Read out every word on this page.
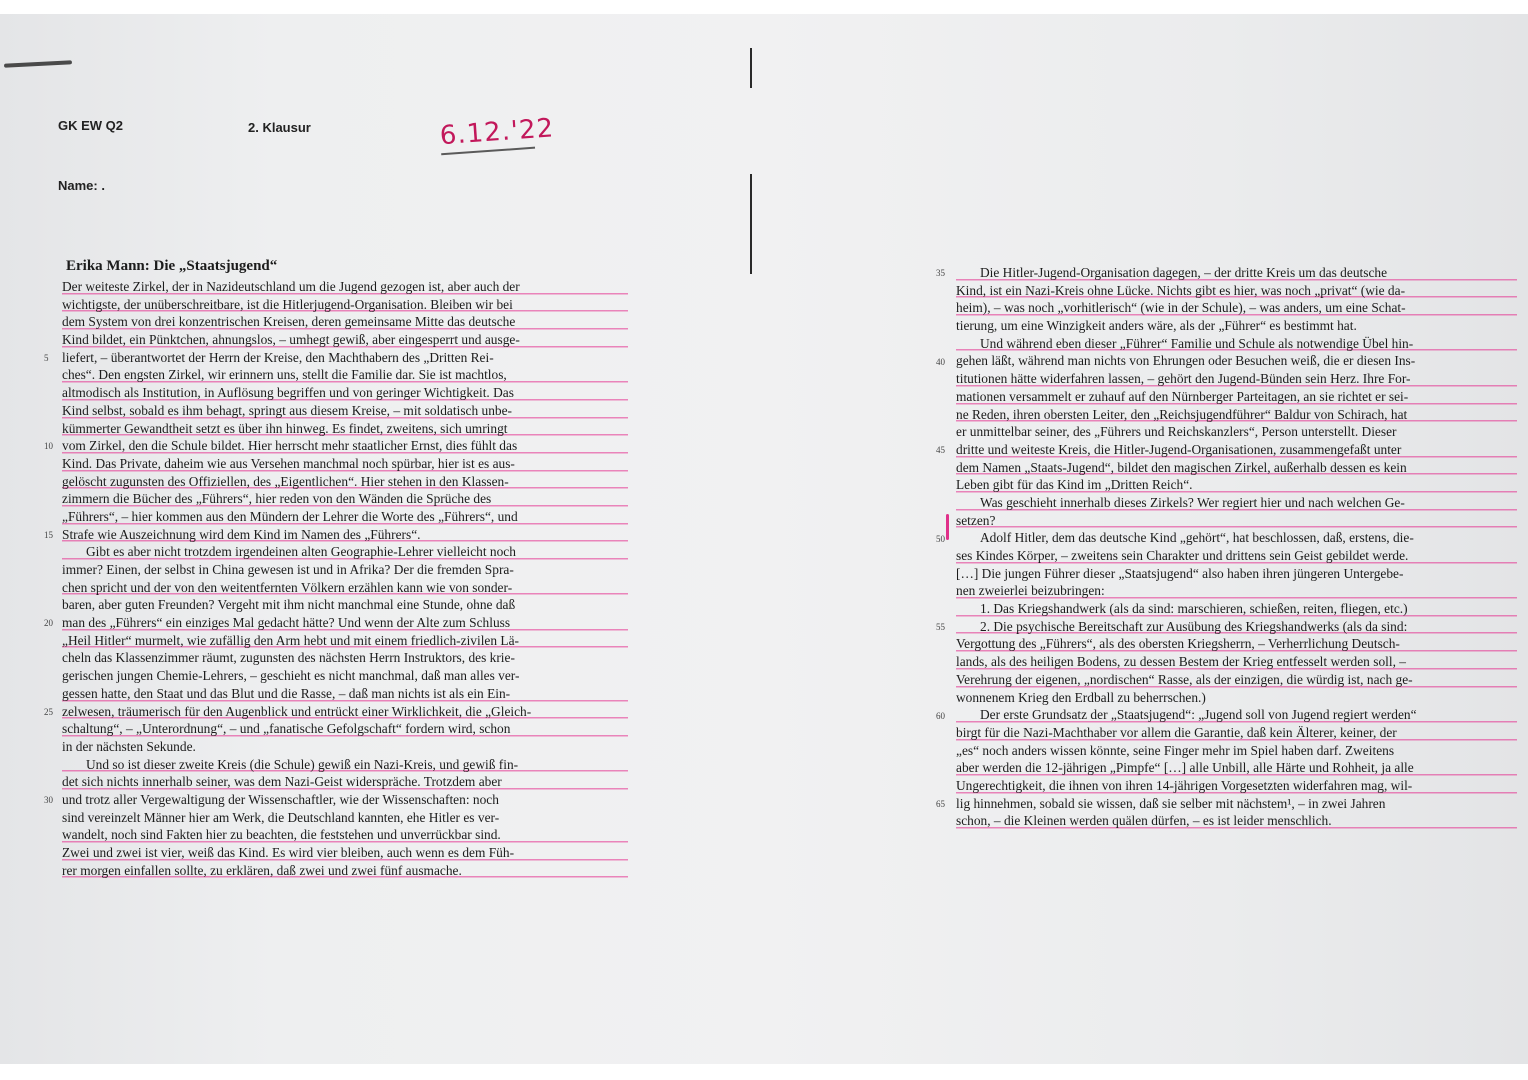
GK EW Q2	2. Klausur	6.12.'22
Name: .
Erika Mann: Die „Staatsjugend“
Der weiteste Zirkel, der in Nazideutschland um die Jugend gezogen ist, aber auch der
wichtigste, der unüberschreitbare, ist die Hitlerjugend-Organisation. Bleiben wir bei
dem System von drei konzentrischen Kreisen, deren gemeinsame Mitte das deutsche
Kind bildet, ein Pünktchen, ahnungslos, – umhegt gewiß, aber eingesperrt und ausge-
liefert, – überantwortet der Herrn der Kreise, den Machthabern des „Dritten Rei-
ches“. Den engsten Zirkel, wir erinnern uns, stellt die Familie dar. Sie ist machtlos,
altmodisch als Institution, in Auflösung begriffen und von geringer Wichtigkeit. Das
Kind selbst, sobald es ihm behagt, springt aus diesem Kreise, – mit soldatisch unbe-
kümmerter Gewandtheit setzt es über ihn hinweg. Es findet, zweitens, sich umringt
vom Zirkel, den die Schule bildet. Hier herrscht mehr staatlicher Ernst, dies fühlt das
Kind. Das Private, daheim wie aus Versehen manchmal noch spürbar, hier ist es aus-
gelöscht zugunsten des Offiziellen, des „Eigentlichen“. Hier stehen in den Klassen-
zimmern die Bücher des „Führers“, hier reden von den Wänden die Sprüche des
„Führers“, – hier kommen aus den Mündern der Lehrer die Worte des „Führers“, und
Strafe wie Auszeichnung wird dem Kind im Namen des „Führers“.
Gibt es aber nicht trotzdem irgendeinen alten Geographie-Lehrer vielleicht noch
immer? Einen, der selbst in China gewesen ist und in Afrika? Der die fremden Spra-
chen spricht und der von den weitentfernten Völkern erzählen kann wie von sonder-
baren, aber guten Freunden? Vergeht mit ihm nicht manchmal eine Stunde, ohne daß
man des „Führers“ ein einziges Mal gedacht hätte? Und wenn der Alte zum Schluss
„Heil Hitler“ murmelt, wie zufällig den Arm hebt und mit einem friedlich-zivilen Lä-
cheln das Klassenzimmer räumt, zugunsten des nächsten Herrn Instruktors, des krie-
gerischen jungen Chemie-Lehrers, – geschieht es nicht manchmal, daß man alles ver-
gessen hatte, den Staat und das Blut und die Rasse, – daß man nichts ist als ein Ein-
zelwesen, träumerisch für den Augenblick und entrückt einer Wirklichkeit, die „Gleich-
schaltung“, – „Unterordnung“, – und „fanatische Gefolgschaft“ fordern wird, schon
in der nächsten Sekunde.
Und so ist dieser zweite Kreis (die Schule) gewiß ein Nazi-Kreis, und gewiß fin-
det sich nichts innerhalb seiner, was dem Nazi-Geist widerspräche. Trotzdem aber
und trotz aller Vergewaltigung der Wissenschaftler, wie der Wissenschaften: noch
sind vereinzelt Männer hier am Werk, die Deutschland kannten, ehe Hitler es ver-
wandelt, noch sind Fakten hier zu beachten, die feststehen und unverrückbar sind.
Zwei und zwei ist vier, weiß das Kind. Es wird vier bleiben, auch wenn es dem Füh-
rer morgen einfallen sollte, zu erklären, daß zwei und zwei fünf ausmache.
Die Hitler-Jugend-Organisation dagegen, – der dritte Kreis um das deutsche
Kind, ist ein Nazi-Kreis ohne Lücke. Nichts gibt es hier, was noch „privat“ (wie da-
heim), – was noch „vorhitlerisch“ (wie in der Schule), – was anders, um eine Schat-
tierung, um eine Winzigkeit anders wäre, als der „Führer“ es bestimmt hat.
Und während eben dieser „Führer“ Familie und Schule als notwendige Übel hin-
gehen läßt, während man nichts von Ehrungen oder Besuchen weiß, die er diesen Ins-
titutionen hätte widerfahren lassen, – gehört den Jugend-Bünden sein Herz. Ihre For-
mationen versammelt er zuhauf auf den Nürnberger Parteitagen, an sie richtet er sei-
ne Reden, ihren obersten Leiter, den „Reichsjugendführer“ Baldur von Schirach, hat
er unmittelbar seiner, des „Führers und Reichskanzlers“, Person unterstellt. Dieser
dritte und weiteste Kreis, die Hitler-Jugend-Organisationen, zusammengefaßt unter
dem Namen „Staats-Jugend“, bildet den magischen Zirkel, außerhalb dessen es kein
Leben gibt für das Kind im „Dritten Reich“.
Was geschieht innerhalb dieses Zirkels? Wer regiert hier und nach welchen Ge-
setzen?
Adolf Hitler, dem das deutsche Kind „gehört“, hat beschlossen, daß, erstens, die-
ses Kindes Körper, – zweitens sein Charakter und drittens sein Geist gebildet werde.
[…] Die jungen Führer dieser „Staatsjugend“ also haben ihren jüngeren Untergebe-
nen zweierlei beizubringen:
1. Das Kriegshandwerk (als da sind: marschieren, schießen, reiten, fliegen, etc.)
2. Die psychische Bereitschaft zur Ausübung des Kriegshandwerks (als da sind:
Vergottung des „Führers“, als des obersten Kriegsherrn, – Verherrlichung Deutsch-
lands, als des heiligen Bodens, zu dessen Bestem der Krieg entfesselt werden soll, –
Verehrung der eigenen, „nordischen“ Rasse, als der einzigen, die würdig ist, nach ge-
wonnenem Krieg den Erdball zu beherrschen.)
Der erste Grundsatz der „Staatsjugend“: „Jugend soll von Jugend regiert werden“
birgt für die Nazi-Machthaber vor allem die Garantie, daß kein Älterer, keiner, der
„es“ noch anders wissen könnte, seine Finger mehr im Spiel haben darf. Zweitens
aber werden die 12-jährigen „Pimpfe“ […] alle Unbill, alle Härte und Rohheit, ja alle
Ungerechtigkeit, die ihnen von ihren 14-jährigen Vorgesetzten widerfahren mag, wil-
lig hinnehmen, sobald sie wissen, daß sie selber mit nächstem¹, – in zwei Jahren
schon, – die Kleinen werden quälen dürfen, – es ist leider menschlich.
5
10
15
20
25
30
35
40
45
50
55
60
65
